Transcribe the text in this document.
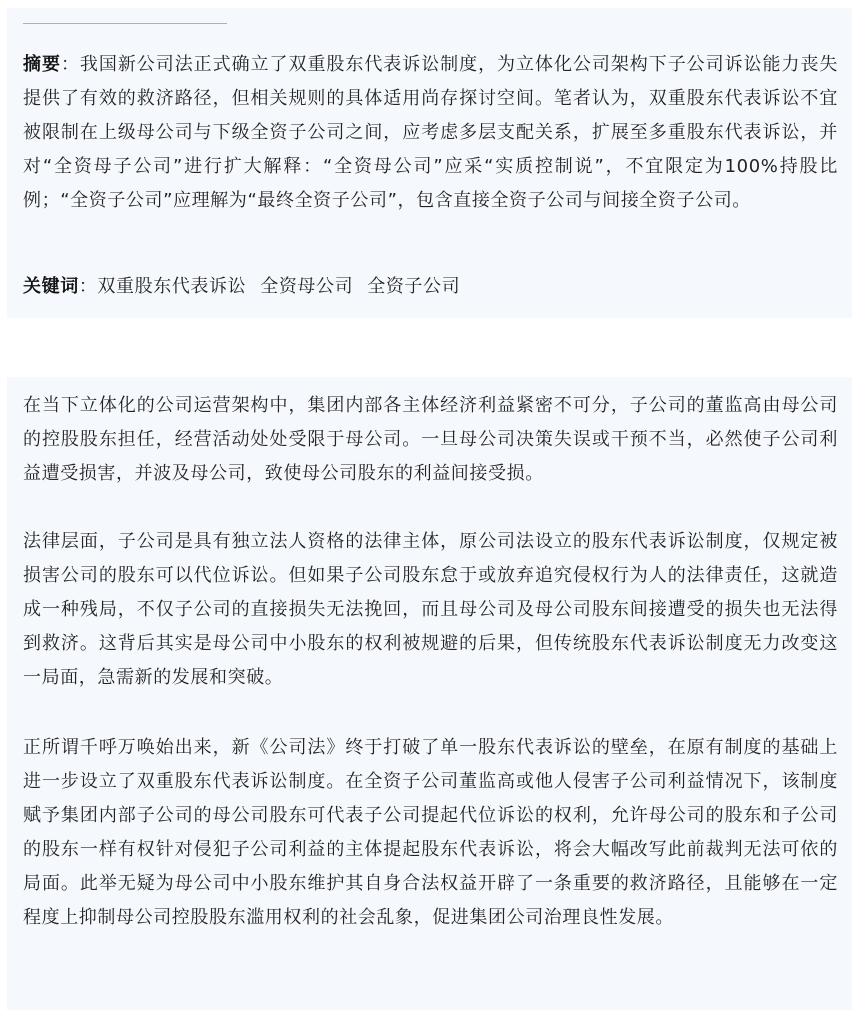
摘要：我国新公司法正式确立了双重股东代表诉讼制度，为立体化公司架构下子公司诉讼能力丧失提供了有效的救济路径，但相关规则的具体适用尚存探讨空间。笔者认为，双重股东代表诉讼不宜被限制在上级母公司与下级全资子公司之间，应考虑多层支配关系，扩展至多重股东代表诉讼，并对“全资母子公司”进行扩大解释：“全资母公司”应采“实质控制说”，不宜限定为100%持股比例；“全资子公司”应理解为“最终全资子公司”，包含直接全资子公司与间接全资子公司。

关键词：双重股东代表诉讼 全资母公司 全资子公司

在当下立体化的公司运营架构中，集团内部各主体经济利益紧密不可分，子公司的董监高由母公司的控股股东担任，经营活动处处受限于母公司。一旦母公司决策失误或干预不当，必然使子公司利益遭受损害，并波及母公司，致使母公司股东的利益间接受损。

法律层面，子公司是具有独立法人资格的法律主体，原公司法设立的股东代表诉讼制度，仅规定被损害公司的股东可以代位诉讼。但如果子公司股东怠于或放弃追究侵权行为人的法律责任，这就造成一种残局，不仅子公司的直接损失无法挽回，而且母公司及母公司股东间接遭受的损失也无法得到救济。这背后其实是母公司中小股东的权利被规避的后果，但传统股东代表诉讼制度无力改变这一局面，急需新的发展和突破。

正所谓千呼万唤始出来，新《公司法》终于打破了单一股东代表诉讼的壁垒，在原有制度的基础上进一步设立了双重股东代表诉讼制度。在全资子公司董监高或他人侵害子公司利益情况下，该制度赋予集团内部子公司的母公司股东可代表子公司提起代位诉讼的权利，允许母公司的股东和子公司的股东一样有权针对侵犯子公司利益的主体提起股东代表诉讼，将会大幅改写此前裁判无法可依的局面。此举无疑为母公司中小股东维护其自身合法权益开辟了一条重要的救济路径，且能够在一定程度上抑制母公司控股股东滥用权利的社会乱象，促进集团公司治理良性发展。
